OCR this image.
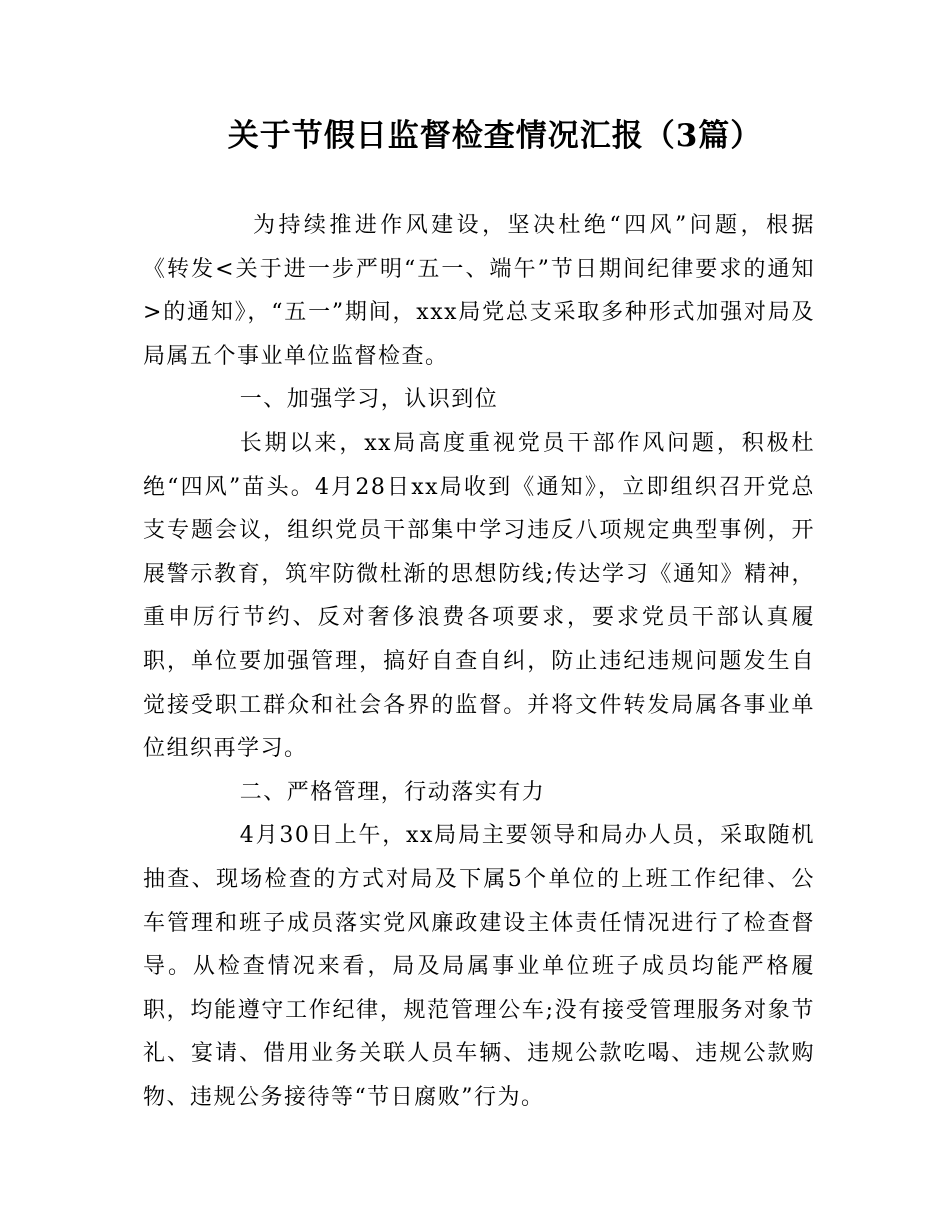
关于节假日监督检查情况汇报（3篇）

为持续推进作风建设，坚决杜绝“四风”问题，根据《转发<关于进一步严明“五一、端午”节日期间纪律要求的通知>的通知》，“五一”期间，xxx局党总支采取多种形式加强对局及局属五个事业单位监督检查。

一、加强学习，认识到位

长期以来，xx局高度重视党员干部作风问题，积极杜绝“四风”苗头。4月28日xx局收到《通知》，立即组织召开党总支专题会议，组织党员干部集中学习违反八项规定典型事例，开展警示教育，筑牢防微杜渐的思想防线;传达学习《通知》精神，重申厉行节约、反对奢侈浪费各项要求，要求党员干部认真履职，单位要加强管理，搞好自查自纠，防止违纪违规问题发生自觉接受职工群众和社会各界的监督。并将文件转发局属各事业单位组织再学习。

二、严格管理，行动落实有力

4月30日上午，xx局局主要领导和局办人员，采取随机抽查、现场检查的方式对局及下属5个单位的上班工作纪律、公车管理和班子成员落实党风廉政建设主体责任情况进行了检查督导。从检查情况来看，局及局属事业单位班子成员均能严格履职，均能遵守工作纪律，规范管理公车;没有接受管理服务对象节礼、宴请、借用业务关联人员车辆、违规公款吃喝、违规公款购物、违规公务接待等“节日腐败”行为。
